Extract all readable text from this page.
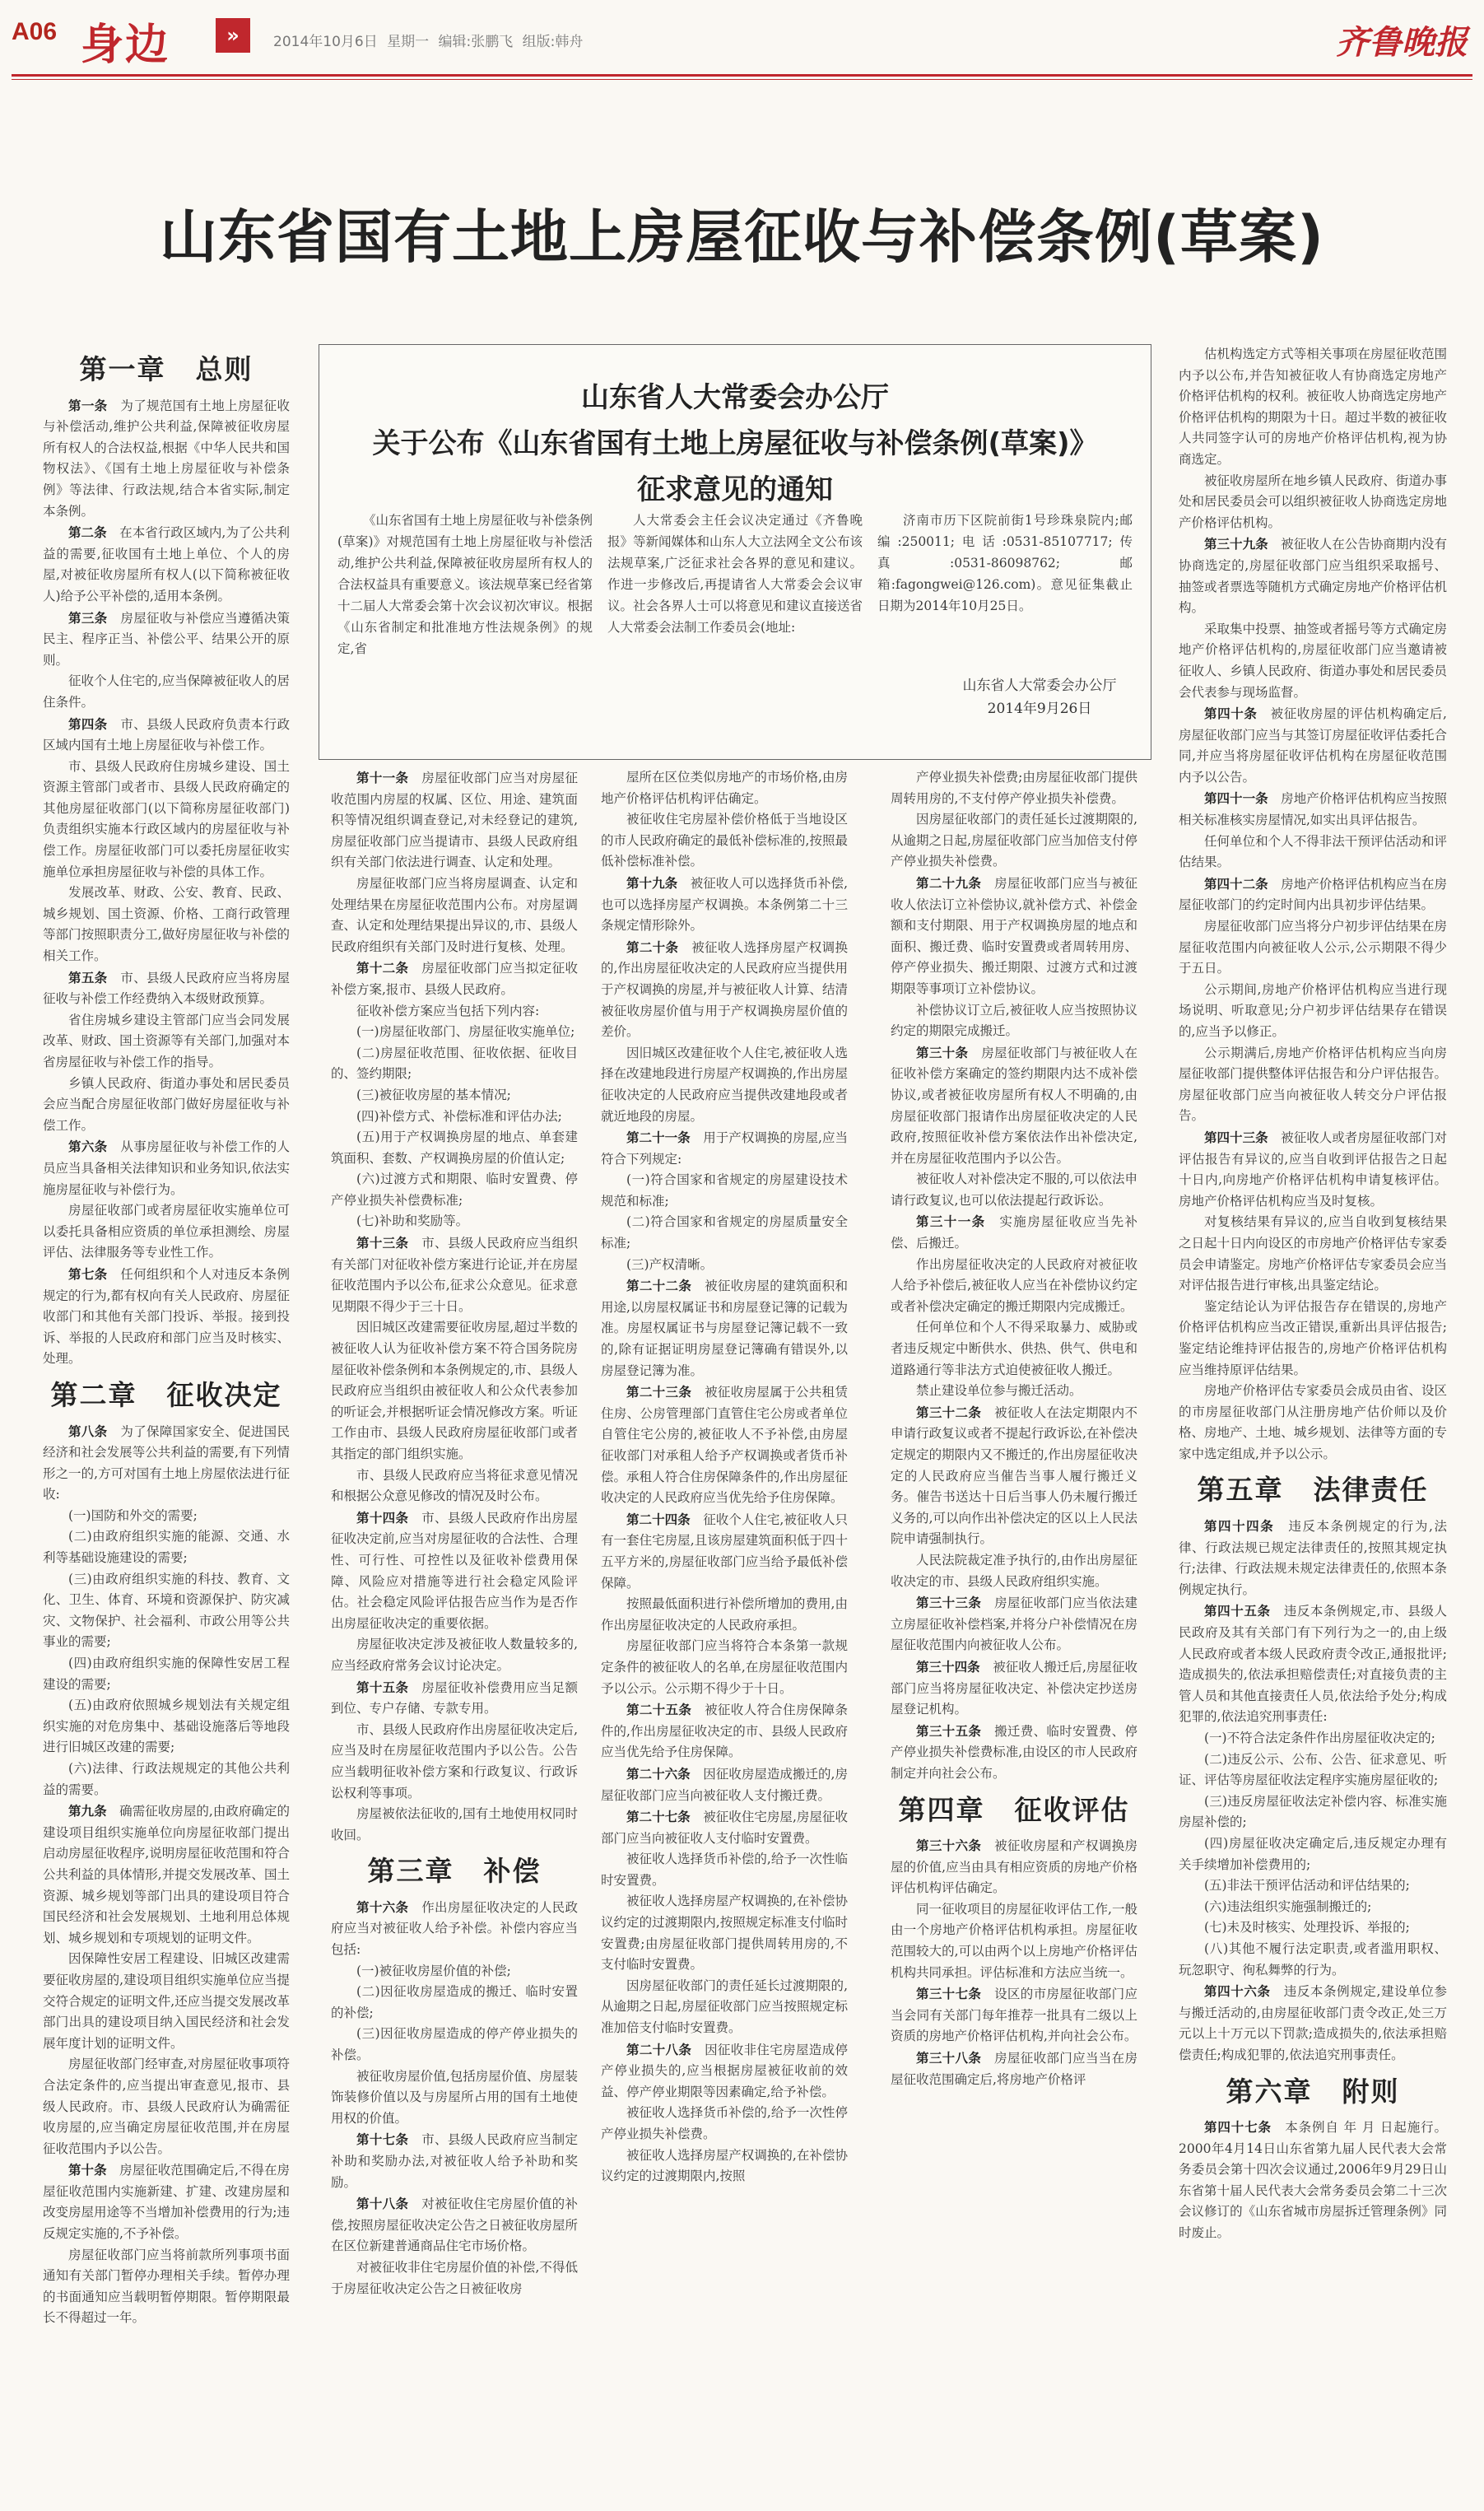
A06 身边	»	2014年10月6日 星期一 编辑:张鹏飞 组版:韩舟	齐鲁晚报
山东省国有土地上房屋征收与补偿条例(草案)
山东省人大常委会办公厅
关于公布《山东省国有土地上房屋征收与补偿条例(草案)》
征求意见的通知
《山东省国有土地上房屋征收与补偿条例(草案)》对规范国有土地上房屋征收与补偿活动,维护公共利益,保障被征收房屋所有权人的合法权益具有重要意义。该法规草案已经省第十二届人大常委会第十次会议初次审议。根据《山东省制定和批准地方性法规条例》的规定,省
人大常委会主任会议决定通过《齐鲁晚报》等新闻媒体和山东人大立法网全文公布该法规草案,广泛征求社会各界的意见和建议。作进一步修改后,再提请省人大常委会会议审议。社会各界人士可以将意见和建议直接送省人大常委会法制工作委员会(地址:
济南市历下区院前街1号珍珠泉院内;邮编:250011;电话:0531-85107717;传真:0531-86098762;邮箱:fagongwei@126.com)。意见征集截止日期为2014年10月25日。
山东省人大常委会办公厅
2014年9月26日
第一章 总则

第一条　 为了规范国有土地上房屋征收与补偿活动,维护公共利益,保障被征收房屋所有权人的合法权益,根据《中华人民共和国物权法》、《国有土地上房屋征收与补偿条例》等法律、行政法规,结合本省实际,制定本条例。

第二条　 在本省行政区域内,为了公共利益的需要,征收国有土地上单位、个人的房屋,对被征收房屋所有权人(以下简称被征收人)给予公平补偿的,适用本条例。

第三条　 房屋征收与补偿应当遵循决策民主、程序正当、补偿公平、结果公开的原则。

征收个人住宅的,应当保障被征收人的居住条件。

第四条　 市、县级人民政府负责本行政区域内国有土地上房屋征收与补偿工作。

市、县级人民政府住房城乡建设、国土资源主管部门或者市、县级人民政府确定的其他房屋征收部门(以下简称房屋征收部门)负责组织实施本行政区域内的房屋征收与补偿工作。房屋征收部门可以委托房屋征收实施单位承担房屋征收与补偿的具体工作。

发展改革、财政、公安、教育、民政、城乡规划、国土资源、价格、工商行政管理等部门按照职责分工,做好房屋征收与补偿的相关工作。

第五条　 市、县级人民政府应当将房屋征收与补偿工作经费纳入本级财政预算。

省住房城乡建设主管部门应当会同发展改革、财政、国土资源等有关部门,加强对本省房屋征收与补偿工作的指导。

乡镇人民政府、街道办事处和居民委员会应当配合房屋征收部门做好房屋征收与补偿工作。

第六条　 从事房屋征收与补偿工作的人员应当具备相关法律知识和业务知识,依法实施房屋征收与补偿行为。

房屋征收部门或者房屋征收实施单位可以委托具备相应资质的单位承担测绘、房屋评估、法律服务等专业性工作。

第七条　 任何组织和个人对违反本条例规定的行为,都有权向有关人民政府、房屋征收部门和其他有关部门投诉、举报。接到投诉、举报的人民政府和部门应当及时核实、处理。

第二章 征收决定

第八条　 为了保障国家安全、促进国民经济和社会发展等公共利益的需要,有下列情形之一的,方可对国有土地上房屋依法进行征收:

(一)国防和外交的需要;

(二)由政府组织实施的能源、交通、水利等基础设施建设的需要;

(三)由政府组织实施的科技、教育、文化、卫生、体育、环境和资源保护、防灾减灾、文物保护、社会福利、市政公用等公共事业的需要;

(四)由政府组织实施的保障性安居工程建设的需要;

(五)由政府依照城乡规划法有关规定组织实施的对危房集中、基础设施落后等地段进行旧城区改建的需要;

(六)法律、行政法规规定的其他公共利益的需要。

第九条　 确需征收房屋的,由政府确定的建设项目组织实施单位向房屋征收部门提出启动房屋征收程序,说明房屋征收范围和符合公共利益的具体情形,并提交发展改革、国土资源、城乡规划等部门出具的建设项目符合国民经济和社会发展规划、土地利用总体规划、城乡规划和专项规划的证明文件。

因保障性安居工程建设、旧城区改建需要征收房屋的,建设项目组织实施单位应当提交符合规定的证明文件,还应当提交发展改革部门出具的建设项目纳入国民经济和社会发展年度计划的证明文件。

房屋征收部门经审查,对房屋征收事项符合法定条件的,应当提出审查意见,报市、县级人民政府。市、县级人民政府认为确需征收房屋的,应当确定房屋征收范围,并在房屋征收范围内予以公告。

第十条　 房屋征收范围确定后,不得在房屋征收范围内实施新建、扩建、改建房屋和改变房屋用途等不当增加补偿费用的行为;违反规定实施的,不予补偿。

房屋征收部门应当将前款所列事项书面通知有关部门暂停办理相关手续。暂停办理的书面通知应当载明暂停期限。暂停期限最长不得超过一年。

第十一条　 房屋征收部门应当对房屋征收范围内房屋的权属、区位、用途、建筑面积等情况组织调查登记,对未经登记的建筑,房屋征收部门应当提请市、县级人民政府组织有关部门依法进行调查、认定和处理。

房屋征收部门应当将房屋调查、认定和处理结果在房屋征收范围内公布。对房屋调查、认定和处理结果提出异议的,市、县级人民政府组织有关部门及时进行复核、处理。

第十二条　 房屋征收部门应当拟定征收补偿方案,报市、县级人民政府。

征收补偿方案应当包括下列内容:

(一)房屋征收部门、房屋征收实施单位;

(二)房屋征收范围、征收依据、征收目的、签约期限;

(三)被征收房屋的基本情况;

(四)补偿方式、补偿标准和评估办法;

(五)用于产权调换房屋的地点、单套建筑面积、套数、产权调换房屋的价值认定;

(六)过渡方式和期限、临时安置费、停产停业损失补偿费标准;

(七)补助和奖励等。

第十三条　 市、县级人民政府应当组织有关部门对征收补偿方案进行论证,并在房屋征收范围内予以公布,征求公众意见。征求意见期限不得少于三十日。

因旧城区改建需要征收房屋,超过半数的被征收人认为征收补偿方案不符合国务院房屋征收补偿条例和本条例规定的,市、县级人民政府应当组织由被征收人和公众代表参加的听证会,并根据听证会情况修改方案。听证工作由市、县级人民政府房屋征收部门或者其指定的部门组织实施。

市、县级人民政府应当将征求意见情况和根据公众意见修改的情况及时公布。

第十四条　 市、县级人民政府作出房屋征收决定前,应当对房屋征收的合法性、合理性、可行性、可控性以及征收补偿费用保障、风险应对措施等进行社会稳定风险评估。社会稳定风险评估报告应当作为是否作出房屋征收决定的重要依据。

房屋征收决定涉及被征收人数量较多的,应当经政府常务会议讨论决定。

第十五条　 房屋征收补偿费用应当足额到位、专户存储、专款专用。

市、县级人民政府作出房屋征收决定后,应当及时在房屋征收范围内予以公告。公告应当载明征收补偿方案和行政复议、行政诉讼权利等事项。

房屋被依法征收的,国有土地使用权同时收回。

第三章 补偿

第十六条　 作出房屋征收决定的人民政府应当对被征收人给予补偿。补偿内容应当包括:

(一)被征收房屋价值的补偿;

(二)因征收房屋造成的搬迁、临时安置的补偿;

(三)因征收房屋造成的停产停业损失的补偿。

被征收房屋价值,包括房屋价值、房屋装饰装修价值以及与房屋所占用的国有土地使用权的价值。

第十七条　 市、县级人民政府应当制定补助和奖励办法,对被征收人给予补助和奖励。

第十八条　 对被征收住宅房屋价值的补偿,按照房屋征收决定公告之日被征收房屋所在区位新建普通商品住宅市场价格。

对被征收非住宅房屋价值的补偿,不得低于房屋征收决定公告之日被征收房

屋所在区位类似房地产的市场价格,由房地产价格评估机构评估确定。

被征收住宅房屋补偿价格低于当地设区的市人民政府确定的最低补偿标准的,按照最低补偿标准补偿。

第十九条　 被征收人可以选择货币补偿,也可以选择房屋产权调换。本条例第二十三条规定情形除外。

第二十条　 被征收人选择房屋产权调换的,作出房屋征收决定的人民政府应当提供用于产权调换的房屋,并与被征收人计算、结清被征收房屋价值与用于产权调换房屋价值的差价。

因旧城区改建征收个人住宅,被征收人选择在改建地段进行房屋产权调换的,作出房屋征收决定的人民政府应当提供改建地段或者就近地段的房屋。

第二十一条　 用于产权调换的房屋,应当符合下列规定:

(一)符合国家和省规定的房屋建设技术规范和标准;

(二)符合国家和省规定的房屋质量安全标准;

(三)产权清晰。

第二十二条　 被征收房屋的建筑面积和用途,以房屋权属证书和房屋登记簿的记载为准。房屋权属证书与房屋登记簿记载不一致的,除有证据证明房屋登记簿确有错误外,以房屋登记簿为准。

第二十三条　 被征收房屋属于公共租赁住房、公房管理部门直管住宅公房或者单位自管住宅公房的,被征收人不予补偿,由房屋征收部门对承租人给予产权调换或者货币补偿。承租人符合住房保障条件的,作出房屋征收决定的人民政府应当优先给予住房保障。

第二十四条　 征收个人住宅,被征收人只有一套住宅房屋,且该房屋建筑面积低于四十五平方米的,房屋征收部门应当给予最低补偿保障。

按照最低面积进行补偿所增加的费用,由作出房屋征收决定的人民政府承担。

房屋征收部门应当将符合本条第一款规定条件的被征收人的名单,在房屋征收范围内予以公示。公示期不得少于十日。

第二十五条　 被征收人符合住房保障条件的,作出房屋征收决定的市、县级人民政府应当优先给予住房保障。

第二十六条　 因征收房屋造成搬迁的,房屋征收部门应当向被征收人支付搬迁费。

第二十七条　 被征收住宅房屋,房屋征收部门应当向被征收人支付临时安置费。

被征收人选择货币补偿的,给予一次性临时安置费。

被征收人选择房屋产权调换的,在补偿协议约定的过渡期限内,按照规定标准支付临时安置费;由房屋征收部门提供周转用房的,不支付临时安置费。

因房屋征收部门的责任延长过渡期限的,从逾期之日起,房屋征收部门应当按照规定标准加倍支付临时安置费。

第二十八条　 因征收非住宅房屋造成停产停业损失的,应当根据房屋被征收前的效益、停产停业期限等因素确定,给予补偿。

被征收人选择货币补偿的,给予一次性停产停业损失补偿费。

被征收人选择房屋产权调换的,在补偿协议约定的过渡期限内,按照

产停业损失补偿费;由房屋征收部门提供周转用房的,不支付停产停业损失补偿费。

因房屋征收部门的责任延长过渡期限的,从逾期之日起,房屋征收部门应当加倍支付停产停业损失补偿费。

第二十九条　 房屋征收部门应当与被征收人依法订立补偿协议,就补偿方式、补偿金额和支付期限、用于产权调换房屋的地点和面积、搬迁费、临时安置费或者周转用房、停产停业损失、搬迁期限、过渡方式和过渡期限等事项订立补偿协议。

补偿协议订立后,被征收人应当按照协议约定的期限完成搬迁。

第三十条　 房屋征收部门与被征收人在征收补偿方案确定的签约期限内达不成补偿协议,或者被征收房屋所有权人不明确的,由房屋征收部门报请作出房屋征收决定的人民政府,按照征收补偿方案依法作出补偿决定,并在房屋征收范围内予以公告。

被征收人对补偿决定不服的,可以依法申请行政复议,也可以依法提起行政诉讼。

第三十一条　 实施房屋征收应当先补偿、后搬迁。

作出房屋征收决定的人民政府对被征收人给予补偿后,被征收人应当在补偿协议约定或者补偿决定确定的搬迁期限内完成搬迁。

任何单位和个人不得采取暴力、威胁或者违反规定中断供水、供热、供气、供电和道路通行等非法方式迫使被征收人搬迁。

禁止建设单位参与搬迁活动。

第三十二条　 被征收人在法定期限内不申请行政复议或者不提起行政诉讼,在补偿决定规定的期限内又不搬迁的,作出房屋征收决定的人民政府应当催告当事人履行搬迁义务。催告书送达十日后当事人仍未履行搬迁义务的,可以向作出补偿决定的区以上人民法院申请强制执行。

人民法院裁定准予执行的,由作出房屋征收决定的市、县级人民政府组织实施。

第三十三条　 房屋征收部门应当依法建立房屋征收补偿档案,并将分户补偿情况在房屋征收范围内向被征收人公布。

第三十四条　 被征收人搬迁后,房屋征收部门应当将房屋征收决定、补偿决定抄送房屋登记机构。

第三十五条　 搬迁费、临时安置费、停产停业损失补偿费标准,由设区的市人民政府制定并向社会公布。

第四章 征收评估

第三十六条　 被征收房屋和产权调换房屋的价值,应当由具有相应资质的房地产价格评估机构评估确定。

同一征收项目的房屋征收评估工作,一般由一个房地产价格评估机构承担。房屋征收范围较大的,可以由两个以上房地产价格评估机构共同承担。评估标准和方法应当统一。

第三十七条　 设区的市房屋征收部门应当会同有关部门每年推荐一批具有二级以上资质的房地产价格评估机构,并向社会公布。

第三十八条　 房屋征收部门应当当在房屋征收范围确定后,将房地产价格评

估机构选定方式等相关事项在房屋征收范围内予以公布,并告知被征收人有协商选定房地产价格评估机构的权利。被征收人协商选定房地产价格评估机构的期限为十日。超过半数的被征收人共同签字认可的房地产价格评估机构,视为协商选定。

被征收房屋所在地乡镇人民政府、街道办事处和居民委员会可以组织被征收人协商选定房地产价格评估机构。

第三十九条　 被征收人在公告协商期内没有协商选定的,房屋征收部门应当组织采取摇号、抽签或者票选等随机方式确定房地产价格评估机构。

采取集中投票、抽签或者摇号等方式确定房地产价格评估机构的,房屋征收部门应当邀请被征收人、乡镇人民政府、街道办事处和居民委员会代表参与现场监督。

第四十条　 被征收房屋的评估机构确定后,房屋征收部门应当与其签订房屋征收评估委托合同,并应当将房屋征收评估机构在房屋征收范围内予以公告。

第四十一条　 房地产价格评估机构应当按照相关标准核实房屋情况,如实出具评估报告。

任何单位和个人不得非法干预评估活动和评估结果。

第四十二条　 房地产价格评估机构应当在房屋征收部门的约定时间内出具初步评估结果。

房屋征收部门应当将分户初步评估结果在房屋征收范围内向被征收人公示,公示期限不得少于五日。

公示期间,房地产价格评估机构应当进行现场说明、听取意见;分户初步评估结果存在错误的,应当予以修正。

公示期满后,房地产价格评估机构应当向房屋征收部门提供整体评估报告和分户评估报告。房屋征收部门应当向被征收人转交分户评估报告。

第四十三条　 被征收人或者房屋征收部门对评估报告有异议的,应当自收到评估报告之日起十日内,向房地产价格评估机构申请复核评估。房地产价格评估机构应当及时复核。

对复核结果有异议的,应当自收到复核结果之日起十日内向设区的市房地产价格评估专家委员会申请鉴定。房地产价格评估专家委员会应当对评估报告进行审核,出具鉴定结论。

鉴定结论认为评估报告存在错误的,房地产价格评估机构应当改正错误,重新出具评估报告;鉴定结论维持评估报告的,房地产价格评估机构应当维持原评估结果。

房地产价格评估专家委员会成员由省、设区的市房屋征收部门从注册房地产估价师以及价格、房地产、土地、城乡规划、法律等方面的专家中选定组成,并予以公示。

第五章 法律责任

第四十四条　 违反本条例规定的行为,法律、行政法规已规定法律责任的,按照其规定执行;法律、行政法规未规定法律责任的,依照本条例规定执行。

第四十五条　 违反本条例规定,市、县级人民政府及其有关部门有下列行为之一的,由上级人民政府或者本级人民政府责令改正,通报批评;造成损失的,依法承担赔偿责任;对直接负责的主管人员和其他直接责任人员,依法给予处分;构成犯罪的,依法追究刑事责任:

(一)不符合法定条件作出房屋征收决定的;

(二)违反公示、公布、公告、征求意见、听证、评估等房屋征收法定程序实施房屋征收的;

(三)违反房屋征收法定补偿内容、标准实施房屋补偿的;

(四)房屋征收决定确定后,违反规定办理有关手续增加补偿费用的;

(五)非法干预评估活动和评估结果的;

(六)违法组织实施强制搬迁的;

(七)未及时核实、处理投诉、举报的;

(八)其他不履行法定职责,或者滥用职权、玩忽职守、徇私舞弊的行为。

第四十六条　 违反本条例规定,建设单位参与搬迁活动的,由房屋征收部门责令改正,处三万元以上十万元以下罚款;造成损失的,依法承担赔偿责任;构成犯罪的,依法追究刑事责任。

第六章 附则

第四十七条　 本条例自 年 月 日起施行。2000年4月14日山东省第九届人民代表大会常务委员会第十四次会议通过,2006年9月29日山东省第十届人民代表大会常务委员会第二十三次会议修订的《山东省城市房屋拆迁管理条例》同时废止。
